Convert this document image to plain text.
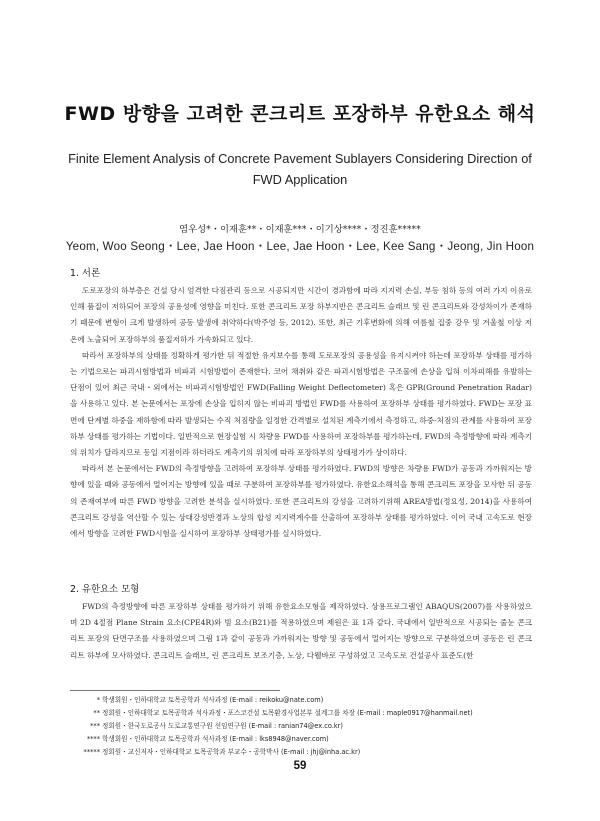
FWD 방향을 고려한 콘크리트 포장하부 유한요소 해석
Finite Element Analysis of Concrete Pavement Sublayers Considering Direction of FWD Application
염우성*・이재훈**・이재훈***・이기상****・정진훈*****
Yeom, Woo Seong・Lee, Jae Hoon・Lee, Jae Hoon・Lee, Kee Sang・Jeong, Jin Hoon
1. 서론

도로포장의 하부층은 건설 당시 엄격한 다짐관리 등으로 시공되지만 시간이 경과함에 따라 지지력 손실, 부등 침하 등의 여러 가지 이유로 인해 품질이 저하되어 포장의 공용성에 영향을 미친다. 또한 콘크리트 포장 하부지반은 콘크리트 슬래브 및 린 콘크리트와 강성차이가 존재하기 때문에 변형이 크게 발생하여 공동 발생에 취약하다(박주영 등, 2012). 또한, 최근 기후변화에 의해 여름철 집중 강우 및 겨울철 이상 저온에 노출되어 포장하부의 품질저하가 가속화되고 있다.

따라서 포장하부의 상태를 정확하게 평가한 뒤 적절한 유지보수를 통해 도로포장의 공용성을 유지시켜야 하는데 포장하부 상태를 평가하는 기법으로는 파괴시험방법과 비파괴 시험방법이 존재한다. 코어 채취와 같은 파괴시험방법은 구조물에 손상을 입혀 이차피해를 유발하는 단점이 있어 최근 국내・외에서는 비파괴시험방법인 FWD(Falling Weight Deflectometer) 혹은 GPR(Ground Penetration Radar)을 사용하고 있다. 본 논문에서는 포장에 손상을 입히지 않는 비파괴 방법인 FWD를 사용하여 포장하부 상태를 평가하였다. FWD는 포장 표면에 단계별 하중을 재하함에 따라 발생되는 수직 처짐량을 일정한 간격별로 설치된 계측기에서 측정하고, 하중-처짐의 관계를 사용하여 포장하부 상태를 평가하는 기법이다. 일반적으로 현장실험 시 차량용 FWD를 사용하여 포장하부를 평가하는데, FWD의 측정방향에 따라 계측기의 위치가 달라지므로 동일 지점이라 하더라도 계측기의 위치에 따라 포장하부의 상태평가가 상이하다.

따라서 본 논문에서는 FWD의 측정방향을 고려하여 포장하부 상태를 평가하였다. FWD의 방향은 차량용 FWD가 공동과 가까워지는 방향에 있을 때와 공동에서 멀어지는 방향에 있을 때로 구분하여 포장하부를 평가하였다. 유한요소해석을 통해 콘크리트 포장을 모사한 뒤 공동의 존재여부에 따른 FWD 방향을 고려한 분석을 실시하였다. 또한 콘크리트의 강성을 고려하기위해 AREA방법(정요성, 2014)을 사용하여 콘크리트 강성을 역산할 수 있는 상대강성반경과 노상의 합성 지지력계수를 산출하여 포장하부 상태를 평가하였다. 이어 국내 고속도로 현장에서 방향을 고려한 FWD시험을 실시하여 포장하부 상태평가를 실시하였다.

2. 유한요소 모형

FWD의 측정방향에 따른 포장하부 상태를 평가하기 위해 유한요소모형을 제작하였다. 상용프로그램인 ABAQUS(2007)를 사용하였으며 2D 4절점 Plane Strain 요소(CPE4R)와 빔 요소(B21)를 적용하였으며 제원은 표 1과 같다. 국내에서 일반적으로 시공되는 줄눈 콘크리트 포장의 단면구조를 사용하였으며 그림 1과 같이 공동과 가까워지는 방향 및 공동에서 멀어지는 방향으로 구분하였으며 공동은 린 콘크리트 하부에 모사하였다. 콘크리트 슬래브, 린 콘크리트 보조기층, 노상, 다웰바로 구성하였고 고속도로 건설공사 표준도(한

* 학생회원・인하대학교 토목공학과 석사과정 (E-mail : reikoku@nate.com)
** 정회원・인하대학교 토목공학과 석사과정・포스코건설 토목환경사업본부 설계그룹 차장 (E-mail : maple0917@hanmail.net)
*** 정회원・한국도로공사 도로교통연구원 선임연구원 (E-mail : ranian74@ex.co.kr)
**** 학생회원・인하대학교 토목공학과 석사과정 (E-mail : lks8948@naver.com)
***** 정회원・교신저자・인하대학교 토목공학과 부교수・공학박사 (E-mail : jhj@inha.ac.kr)
59
